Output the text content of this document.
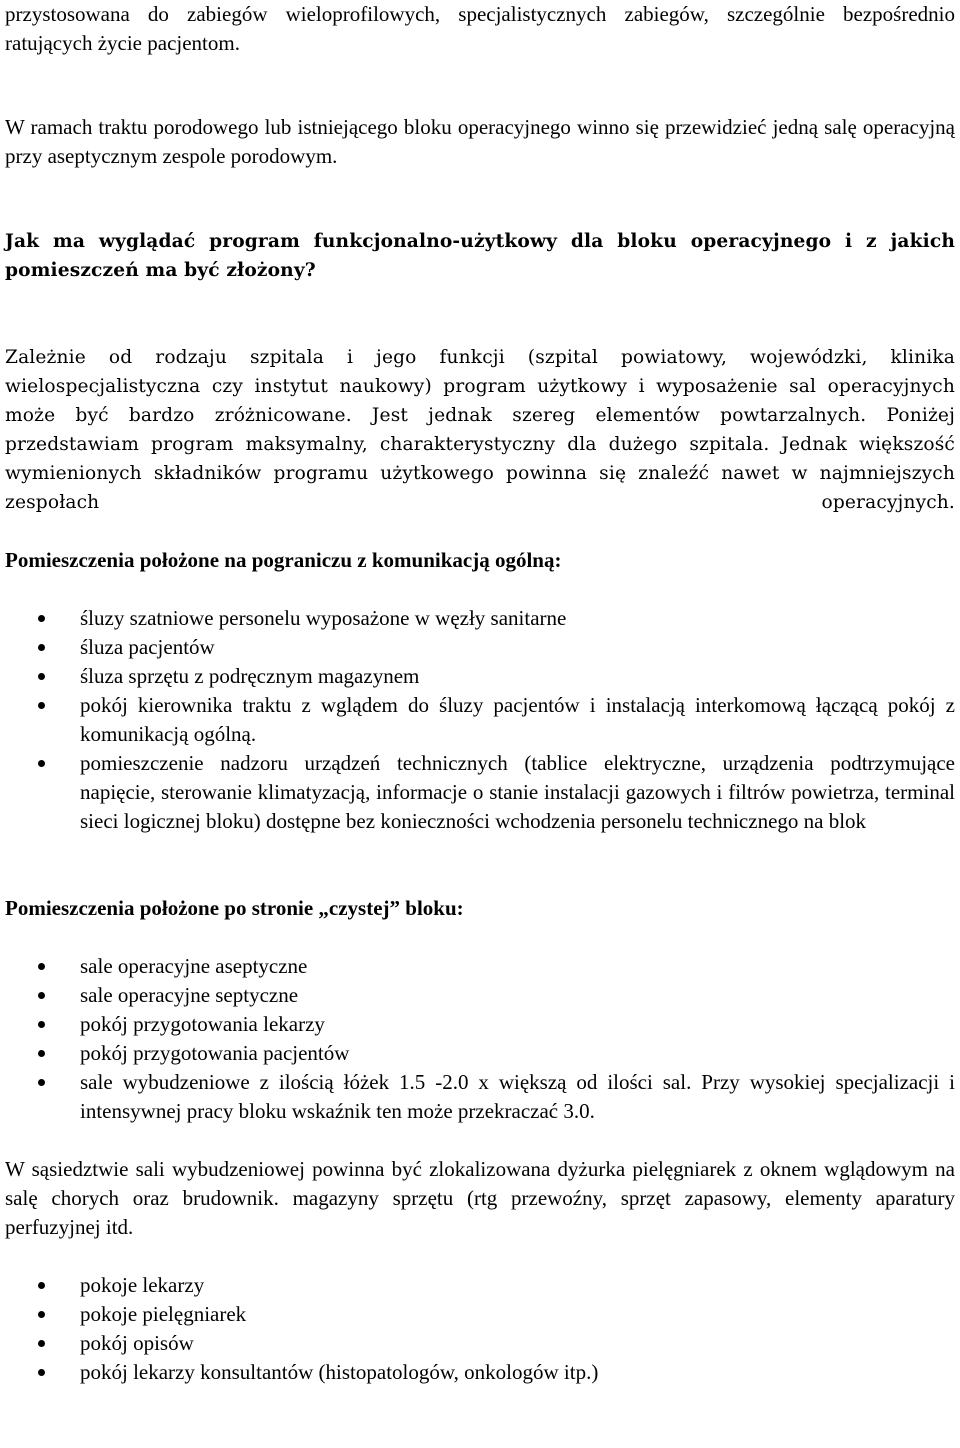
przystosowana do zabiegów wieloprofilowych, specjalistycznych zabiegów, szczególnie bezpośrednio ratujących życie pacjentom.

W ramach traktu porodowego lub istniejącego bloku operacyjnego winno się przewidzieć jedną salę operacyjną przy aseptycznym zespole porodowym.

Jak ma wyglądać program funkcjonalno-użytkowy dla bloku operacyjnego i z jakich pomieszczeń ma być złożony?

Zależnie od rodzaju szpitala i jego funkcji (szpital powiatowy, wojewódzki, klinika wielospecjalistyczna czy instytut naukowy) program użytkowy i wyposażenie sal operacyjnych może być bardzo zróżnicowane. Jest jednak szereg elementów powtarzalnych. Poniżej przedstawiam program maksymalny, charakterystyczny dla dużego szpitala. Jednak większość wymienionych składników programu użytkowego powinna się znaleźć nawet w najmniejszych zespołach operacyjnych.

Pomieszczenia położone na pograniczu z komunikacją ogólną:

śluzy szatniowe personelu wyposażone w węzły sanitarne
śluza pacjentów
śluza sprzętu z podręcznym magazynem
pokój kierownika traktu z wglądem do śluzy pacjentów i instalacją interkomową łączącą pokój z komunikacją ogólną.
pomieszczenie nadzoru urządzeń technicznych (tablice elektryczne, urządzenia podtrzymujące napięcie, sterowanie klimatyzacją, informacje o stanie instalacji gazowych i filtrów powietrza, terminal sieci logicznej bloku) dostępne bez konieczności wchodzenia personelu technicznego na blok

Pomieszczenia położone po stronie „czystej” bloku:

sale operacyjne aseptyczne
sale operacyjne septyczne
pokój przygotowania lekarzy
pokój przygotowania pacjentów
sale wybudzeniowe z ilością łóżek 1.5 -2.0 x większą od ilości sal. Przy wysokiej specjalizacji i intensywnej pracy bloku wskaźnik ten może przekraczać 3.0.

W sąsiedztwie sali wybudzeniowej powinna być zlokalizowana dyżurka pielęgniarek z oknem wglądowym na salę chorych oraz brudownik. magazyny sprzętu (rtg przewoźny, sprzęt zapasowy, elementy aparatury perfuzyjnej itd.

pokoje lekarzy
pokoje pielęgniarek
pokój opisów
pokój lekarzy konsultantów (histopatologów, onkologów itp.)
